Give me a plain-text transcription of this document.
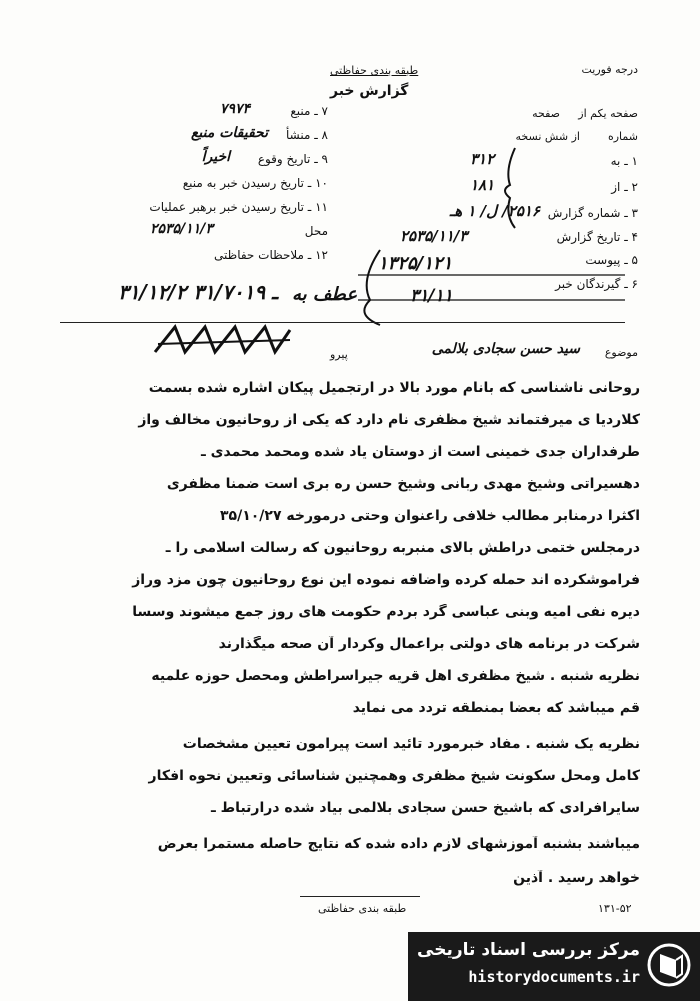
درجه فوریت
طبقه بندی حفاظتی
گزارش خبر
۷ ـ منبع
۷۹۷۴
۸ ـ منشأ
تحقیقات منبع
۹ ـ تاریخ وقوع
اخیراً
۱۰ ـ تاریخ رسیدن خبر به منبع
۱۱ ـ تاریخ رسیدن خبر برهبر عملیات
محل
۲۵۳۵/۱۱/۳
۱۲ ـ ملاحظات حفاظتی
صفحه یکم از
صفحه
شماره
از شش نسخه
۱ ـ به
۳۱۲
۲ ـ از
۱۸۱
۳ ـ شماره گزارش
۲۵۱۶/ ل/ ۱ هـ
۴ ـ تاریخ گزارش
۲۵۳۵/۱۱/۳
۵ ـ پیوست
۶ ـ گیرندگان خبر
۱۳۲۵/۱۲۱
۳۱/۱۱
۳۱/۱۲/۲ ـ ۳۱/۷۰۱۹ عطف به
موضوع
سید حسن سجادی بلالمی
پیرو
روحانی ناشناسی که بانام مورد بالا در ارتجمیل پیکان اشاره شده بسمت
کلاردیا ی میرفتماند شیخ مظفری نام دارد که یکی از روحانیون مخالف واز
طرفداران جدی خمینی است از دوستان یاد شده ومحمد محمدی ـ
دهسیراتی وشیخ مهدی ربانی وشیخ حسن ره بری است ضمنا مظفری
اکثرا درمنابر مطالب خلافی راعنوان وحتی درمورخه ۳۵/۱۰/۲۷
درمجلس ختمی دراطش بالای منبربه روحانیون که رسالت اسلامی را ـ
فراموشکرده اند حمله کرده واضافه نموده این نوع روحانیون چون مزد وراز
دیره نفی امیه وبنی عباسی گرد بردم حکومت های روز جمع میشوند وسسا
شرکت در برنامه های دولتی براعمال وکردار آن صحه میگذارند
نظریه شنبه . شیخ مظفری اهل قریه جیراسراطش ومحصل حوزه علمیه
قم میباشد که بعضا بمنطقه تردد می نماید
نظریه یک شنبه . مفاد خبرمورد تائید است پیرامون تعیین مشخصات
کامل ومحل سکونت شیخ مظفری وهمچنین شناسائی وتعیین نحوه افکار
سایرافرادی که باشیخ حسن سجادی بلالمی بیاد شده درارتباط ـ
میباشند بشنبه آموزشهای لازم داده شده که نتایج حاصله مستمرا بعرض
خواهد رسید . آذین
طبقه بندی حفاظتی	۱۳۱-۵۲
مرکز بررسی اسناد تاریخی
historydocuments.ir
